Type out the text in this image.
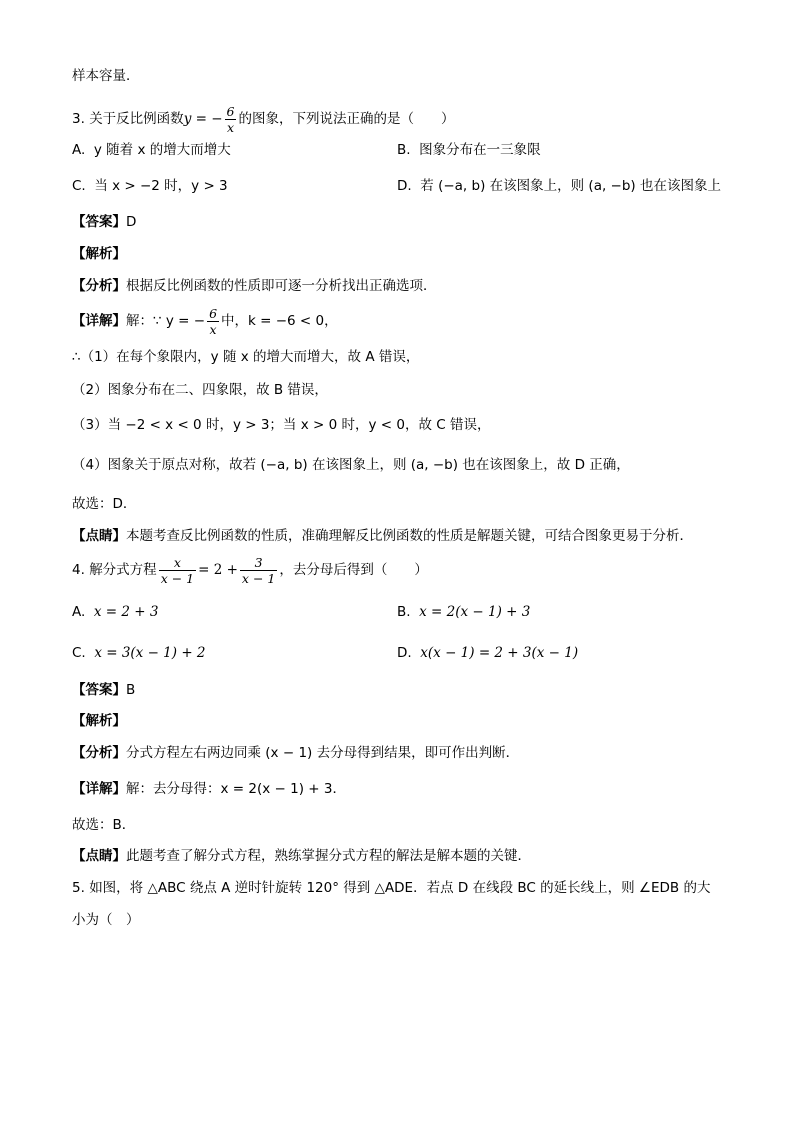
样本容量．
3. 关于反比例函数y = − $\frac{6}{x}$ 的图象，下列说法正确的是（　　）
A. y 随着 x 的增大而增大	B. 图象分布在一三象限
C. 当 x > −2 时，y > 3	D. 若 (−a, b) 在该图象上，则 (a, −b) 也在该图象上
【答案】D
【解析】
【分析】根据反比例函数的性质即可逐一分析找出正确选项．
【详解】解：∵ y = − $\frac{6}{x}$ 中，k = −6 < 0，
∴（1）在每个象限内，y 随 x 的增大而增大，故 A 错误，
（2）图象分布在二、四象限，故 B 错误，
（3）当 −2 < x < 0 时，y > 3；当 x > 0 时，y < 0，故 C 错误，
（4）图象关于原点对称，故若 (−a, b) 在该图象上，则 (a, −b) 也在该图象上，故 D 正确，
故选：D．
【点睛】本题考查反比例函数的性质，准确理解反比例函数的性质是解题关键，可结合图象更易于分析．
4. 解分式方程 $\frac{x}{x - 1} = 2 + \frac{3}{x - 1}$ ，去分母后得到（　　）
A. x = 2 + 3	B. x = 2(x − 1) + 3
C. x = 3(x − 1) + 2	D. x(x − 1) = 2 + 3(x − 1)
【答案】B
【解析】
【分析】分式方程左右两边同乘 (x − 1) 去分母得到结果，即可作出判断．
【详解】解：去分母得：x = 2(x − 1) + 3．
故选：B．
【点睛】此题考查了解分式方程，熟练掌握分式方程的解法是解本题的关键．
5. 如图，将 △ABC 绕点 A 逆时针旋转 120° 得到 △ADE．若点 D 在线段 BC 的延长线上，则 ∠EDB 的大
小为（　）
